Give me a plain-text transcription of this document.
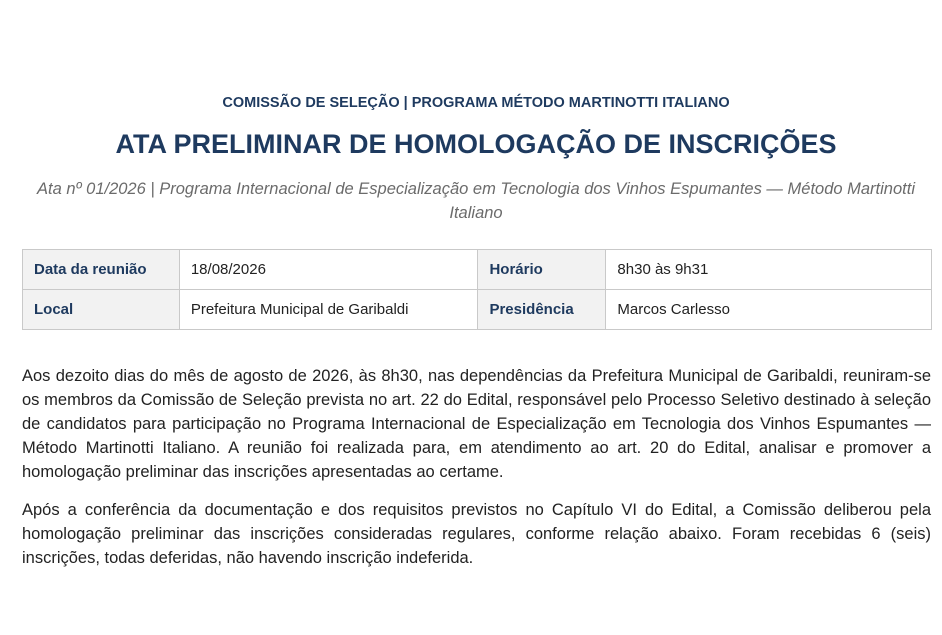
COMISSÃO DE SELEÇÃO | PROGRAMA MÉTODO MARTINOTTI ITALIANO
ATA PRELIMINAR DE HOMOLOGAÇÃO DE INSCRIÇÕES
Ata nº 01/2026 | Programa Internacional de Especialização em Tecnologia dos Vinhos Espumantes — Método Martinotti Italiano
Data da reunião	18/08/2026	Horário	8h30 às 9h31
Local	Prefeitura Municipal de Garibaldi	Presidência	Marcos Carlesso

Aos dezoito dias do mês de agosto de 2026, às 8h30, nas dependências da Prefeitura Municipal de Garibaldi, reuniram-se os membros da Comissão de Seleção prevista no art. 22 do Edital, responsável pelo Processo Seletivo destinado à seleção de candidatos para participação no Programa Internacional de Especialização em Tecnologia dos Vinhos Espumantes — Método Martinotti Italiano. A reunião foi realizada para, em atendimento ao art. 20 do Edital, analisar e promover a homologação preliminar das inscrições apresentadas ao certame.

Após a conferência da documentação e dos requisitos previstos no Capítulo VI do Edital, a Comissão deliberou pela homologação preliminar das inscrições consideradas regulares, conforme relação abaixo. Foram recebidas 6 (seis) inscrições, todas deferidas, não havendo inscrição indeferida.
